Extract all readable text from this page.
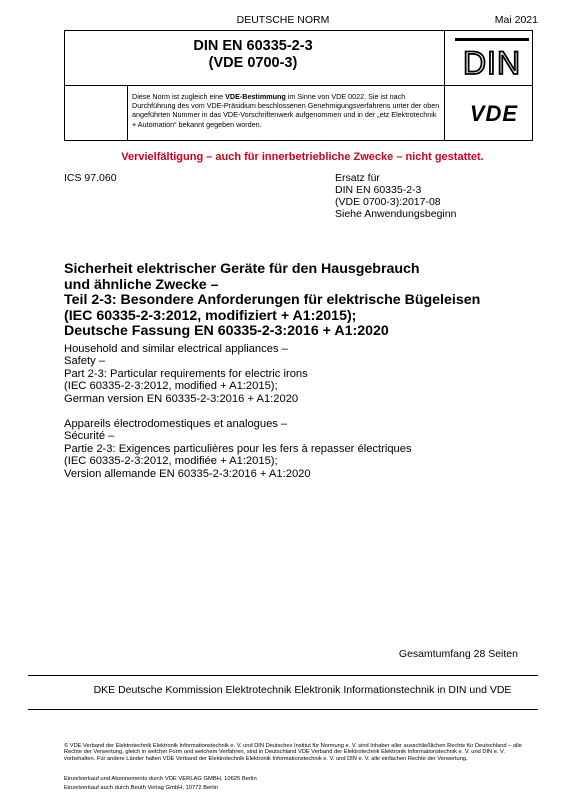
DEUTSCHE NORM	Mai 2021
DIN EN 60335-2-3
(VDE 0700-3)	DIN
Diese Norm ist zugleich eine VDE-Bestimmung im Sinne von VDE 0022. Sie ist nach Durchführung des vom VDE-Präsidium beschlossenen Genehmigungsverfahrens unter der oben angeführten Nummer in das VDE-Vorschriftenwerk aufgenommen und in der „etz Elektrotechnik + Automation“ bekannt gegeben worden.	VDE
Vervielfältigung – auch für innerbetriebliche Zwecke – nicht gestattet.
ICS 97.060	Ersatz für
DIN EN 60335-2-3
(VDE 0700-3):2017-08
Siehe Anwendungsbeginn
Sicherheit elektrischer Geräte für den Hausgebrauch
und ähnliche Zwecke –
Teil 2-3: Besondere Anforderungen für elektrische Bügeleisen
(IEC 60335-2-3:2012, modifiziert + A1:2015);
Deutsche Fassung EN 60335-2-3:2016 + A1:2020
Household and similar electrical appliances –
Safety –
Part 2-3: Particular requirements for electric irons
(IEC 60335-2-3:2012, modified + A1:2015);
German version EN 60335-2-3:2016 + A1:2020
Appareils électrodomestiques et analogues –
Sécurité –
Partie 2-3: Exigences particulières pour les fers à repasser électriques
(IEC 60335-2-3:2012, modifiée + A1:2015);
Version allemande EN 60335-2-3:2016 + A1:2020
Gesamtumfang 28 Seiten
DKE Deutsche Kommission Elektrotechnik Elektronik Informationstechnik in DIN und VDE
© VDE Verband der Elektrotechnik Elektronik Informationstechnik e. V. und DIN Deutsches Institut für Normung e. V. sind Inhaber aller ausschließlichen Rechte für Deutschland – alle Rechte der Verwertung, gleich in welcher Form und welchem Verfahren, sind in Deutschland VDE Verband der Elektrotechnik Elektronik Informationstechnik e. V. und DIN e. V. vorbehalten. Für andere Länder halten VDE Verband der Elektrotechnik Elektronik Informationstechnik e. V. und DIN e. V. alle einfachen Rechte der Verwertung.
Einzelverkauf und Abonnements durch VDE VERLAG GMBH, 10625 Berlin
Einzelverkauf auch durch Beuth Verlag GmbH, 10772 Berlin
